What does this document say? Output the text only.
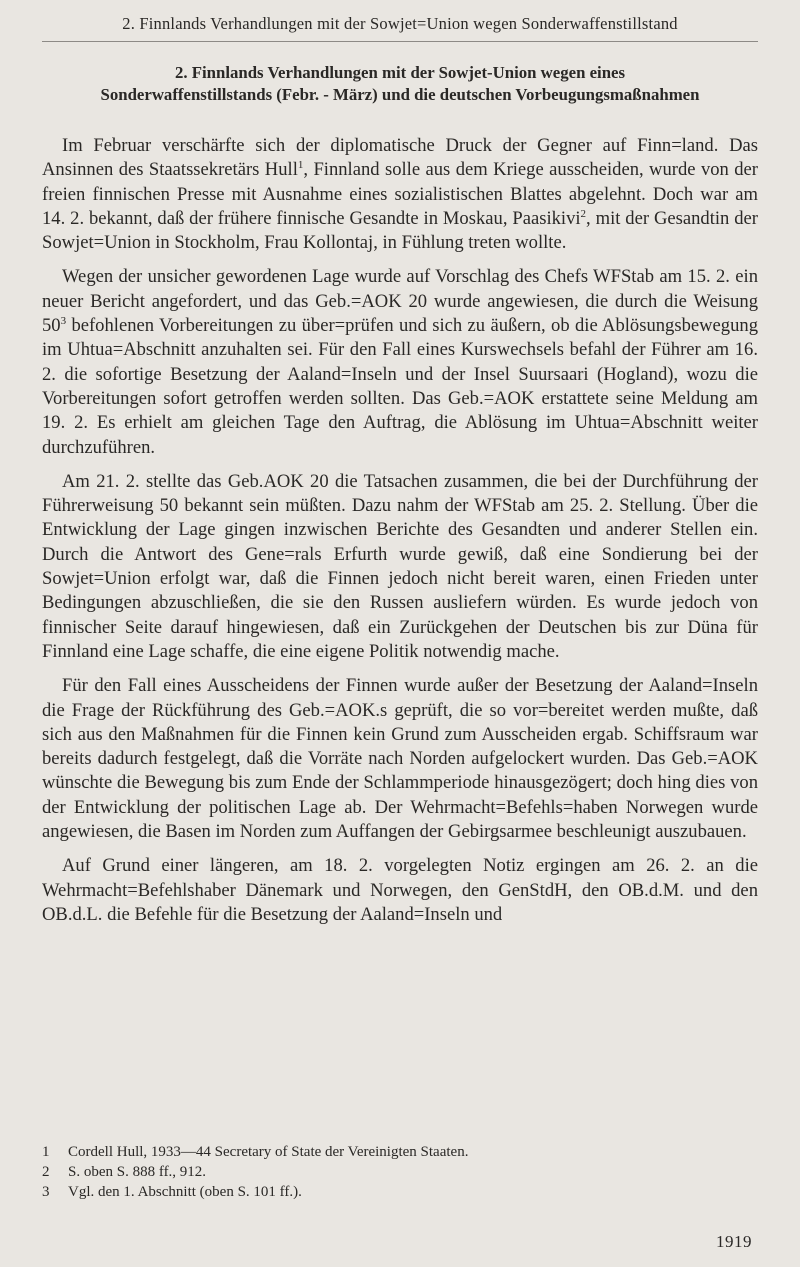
2. Finnlands Verhandlungen mit der Sowjet=Union wegen Sonderwaffenstillstand
2. Finnlands Verhandlungen mit der Sowjet-Union wegen eines
Sonderwaffenstillstands (Febr. - März) und die deutschen Vorbeugungsmaßnahmen

Im Februar verschärfte sich der diplomatische Druck der Gegner auf Finn=land. Das Ansinnen des Staatssekretärs Hull$^1$, Finnland solle aus dem Kriege ausscheiden, wurde von der freien finnischen Presse mit Ausnahme eines sozialistischen Blattes abgelehnt. Doch war am 14. 2. bekannt, daß der frühere finnische Gesandte in Moskau, Paasikivi$^2$, mit der Gesandtin der Sowjet=Union in Stockholm, Frau Kollontaj, in Fühlung treten wollte.

Wegen der unsicher gewordenen Lage wurde auf Vorschlag des Chefs WFStab am 15. 2. ein neuer Bericht angefordert, und das Geb.=AOK 20 wurde angewiesen, die durch die Weisung 50$^3$ befohlenen Vorbereitungen zu über=prüfen und sich zu äußern, ob die Ablösungsbewegung im Uhtua=Abschnitt anzuhalten sei. Für den Fall eines Kurswechsels befahl der Führer am 16. 2. die sofortige Besetzung der Aaland=Inseln und der Insel Suursaari (Hogland), wozu die Vorbereitungen sofort getroffen werden sollten. Das Geb.=AOK erstattete seine Meldung am 19. 2. Es erhielt am gleichen Tage den Auftrag, die Ablösung im Uhtua=Abschnitt weiter durchzuführen.

Am 21. 2. stellte das Geb.AOK 20 die Tatsachen zusammen, die bei der Durchführung der Führerweisung 50 bekannt sein müßten. Dazu nahm der WFStab am 25. 2. Stellung. Über die Entwicklung der Lage gingen inzwischen Berichte des Gesandten und anderer Stellen ein. Durch die Antwort des Gene=rals Erfurth wurde gewiß, daß eine Sondierung bei der Sowjet=Union erfolgt war, daß die Finnen jedoch nicht bereit waren, einen Frieden unter Bedingungen abzuschließen, die sie den Russen ausliefern würden. Es wurde jedoch von finnischer Seite darauf hingewiesen, daß ein Zurückgehen der Deutschen bis zur Düna für Finnland eine Lage schaffe, die eine eigene Politik notwendig mache.

Für den Fall eines Ausscheidens der Finnen wurde außer der Besetzung der Aaland=Inseln die Frage der Rückführung des Geb.=AOK.s geprüft, die so vor=bereitet werden mußte, daß sich aus den Maßnahmen für die Finnen kein Grund zum Ausscheiden ergab. Schiffsraum war bereits dadurch festgelegt, daß die Vorräte nach Norden aufgelockert wurden. Das Geb.=AOK wünschte die Bewegung bis zum Ende der Schlammperiode hinausgezögert; doch hing dies von der Entwicklung der politischen Lage ab. Der Wehrmacht=Befehls=haben Norwegen wurde angewiesen, die Basen im Norden zum Auffangen der Gebirgsarmee beschleunigt auszubauen.

Auf Grund einer längeren, am 18. 2. vorgelegten Notiz ergingen am 26. 2. an die Wehrmacht=Befehlshaber Dänemark und Norwegen, den GenStdH, den OB.d.M. und den OB.d.L. die Befehle für die Besetzung der Aaland=Inseln und

1	Cordell Hull, 1933—44 Secretary of State der Vereinigten Staaten.
2	S. oben S. 888 ff., 912.
3	Vgl. den 1. Abschnitt (oben S. 101 ff.).
1919
